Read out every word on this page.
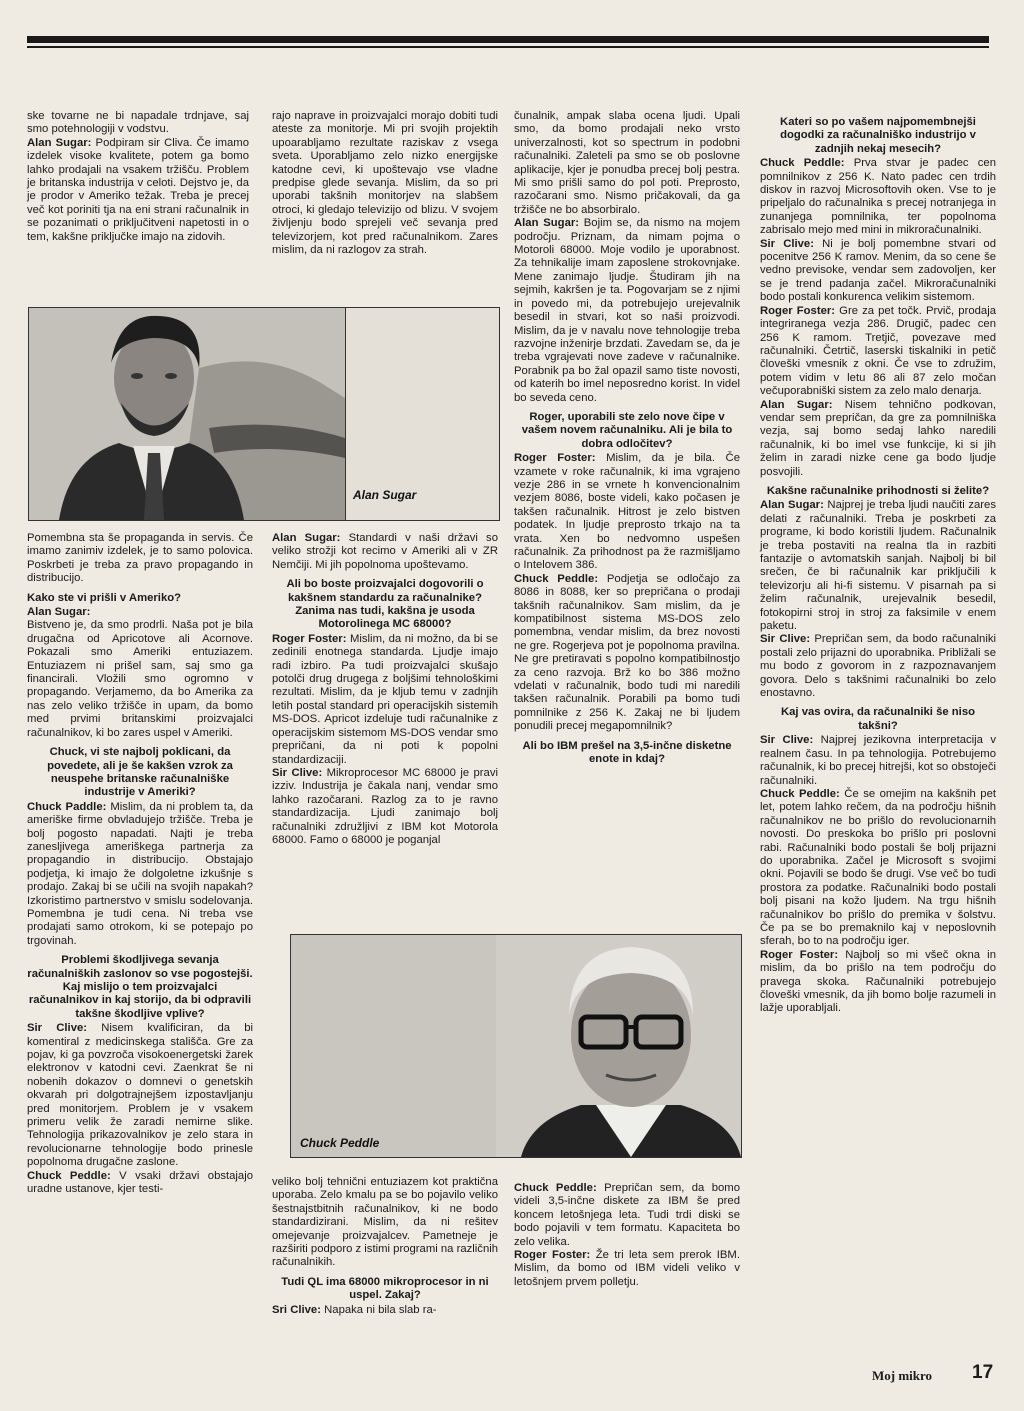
ske tovarne ne bi napadale trdnjave, saj smo potehnologiji v vodstvu.

Alan Sugar: Podpiram sir Cliva. Če imamo izdelek visoke kvalitete, potem ga bomo lahko prodajali na vsakem tržišču. Problem je britanska industrija v celoti. Dejstvo je, da je prodor v Ameriko težak. Treba je precej več kot poriniti tja na eni strani računalnik in se pozanimati o priključitveni napetosti in o tem, kakšne priključke imajo na zidovih.

Pomembna sta še propaganda in servis. Če imamo zanimiv izdelek, je to samo polovica. Poskrbeti je treba za pravo propagando in distribucijo.

Kako ste vi prišli v Ameriko?

Alan Sugar:

Bistveno je, da smo prodrli. Naša pot je bila drugačna od Apricotove ali Acornove. Pokazali smo Ameriki entuziazem. Entuziazem ni prišel sam, saj smo ga financirali. Vložili smo ogromno v propagando. Verjamemo, da bo Amerika za nas zelo veliko tržišče in upam, da bomo med prvimi britanskimi proizvajalci računalnikov, ki bo zares uspel v Ameriki.

Chuck, vi ste najbolj poklicani, da povedete, ali je še kakšen vzrok za neuspehe britanske računalniške industrije v Ameriki?

Chuck Paddle: Mislim, da ni problem ta, da ameriške firme obvladujejo tržišče. Treba je bolj pogosto napadati. Najti je treba zanesljivega ameriškega partnerja za propagandio in distribucijo. Obstajajo podjetja, ki imajo že dolgoletne izkušnje s prodajo. Zakaj bi se učili na svojih napakah? Izkoristimo partnerstvo v smislu sodelovanja. Pomembna je tudi cena. Ni treba vse prodajati samo otrokom, ki se potepajo po trgovinah.

Problemi škodljivega sevanja računalniških zaslonov so vse pogostejši. Kaj mislijo o tem proizvajalci računalnikov in kaj storijo, da bi odpravili takšne škodljive vplive?

Sir Clive: Nisem kvalificiran, da bi komentiral z medicinskega stališča. Gre za pojav, ki ga povzroča visokoenergetski žarek elektronov v katodni cevi. Zaenkrat še ni nobenih dokazov o domnevi o genetskih okvarah pri dolgotrajnejšem izpostavljanju pred monitorjem. Problem je v vsakem primeru velik že zaradi nemirne slike. Tehnologija prikazovalnikov je zelo stara in revolucionarne tehnologije bodo prinesle popolnoma drugačne zaslone.

Chuck Peddle: V vsaki državi obstajajo uradne ustanove, kjer testi-

rajo naprave in proizvajalci morajo dobiti tudi ateste za monitorje. Mi pri svojih projektih upoarabljamo rezultate raziskav z vsega sveta. Uporabljamo zelo nizko energijske katodne cevi, ki upoštevajo vse vladne predpise glede sevanja. Mislim, da so pri uporabi takšnih monitorjev na slabšem otroci, ki gledajo televizijo od blizu. V svojem življenju bodo sprejeli več sevanja pred televizorjem, kot pred računalnikom. Zares mislim, da ni razlogov za strah.

Alan Sugar: Standardi v naši državi so veliko strožji kot recimo v Ameriki ali v ZR Nemčiji. Mi jih popolnoma upoštevamo.

Ali bo boste proizvajalci dogovorili o kakšnem standardu za računalnike? Zanima nas tudi, kakšna je usoda Motorolinega MC 68000?

Roger Foster: Mislim, da ni možno, da bi se zedinili enotnega standarda. Ljudje imajo radi izbiro. Pa tudi proizvajalci skušajo potolči drug drugega z boljšimi tehnološkimi rezultati. Mislim, da je kljub temu v zadnjih letih postal standard pri operacijskih sistemih MS-DOS. Apricot izdeluje tudi računalnike z operacijskim sistemom MS-DOS vendar smo prepričani, da ni poti k popolni standardizaciji.

Sir Clive: Mikroprocesor MC 68000 je pravi izziv. Industrija je čakala nanj, vendar smo lahko razočarani. Razlog za to je ravno standardizacija. Ljudi zanimajo bolj računalniki združljivi z IBM kot Motorola 68000. Famo o 68000 je poganjal

veliko bolj tehnični entuziazem kot praktična uporaba. Zelo kmalu pa se bo pojavilo veliko šestnajstbitnih računalnikov, ki ne bodo standardizirani. Mislim, da ni rešitev omejevanje proizvajalcev. Pametneje je razširiti podporo z istimi programi na različnih računalnikih.

Tudi QL ima 68000 mikroprocesor in ni uspel. Zakaj?

Sri Clive: Napaka ni bila slab ra-

čunalnik, ampak slaba ocena ljudi. Upali smo, da bomo prodajali neko vrsto univerzalnosti, kot so spectrum in podobni računalniki. Zaleteli pa smo se ob poslovne aplikacije, kjer je ponudba precej bolj pestra. Mi smo prišli samo do pol poti. Preprosto, razočarani smo. Nismo pričakovali, da ga tržišče ne bo absorbiralo.

Alan Sugar: Bojim se, da nismo na mojem področju. Priznam, da nimam pojma o Motoroli 68000. Moje vodilo je uporabnost. Za tehnikalije imam zaposlene strokovnjake. Mene zanimajo ljudje. Študiram jih na sejmih, kakršen je ta. Pogovarjam se z njimi in povedo mi, da potrebujejo urejevalnik besedil in stvari, kot so naši proizvodi. Mislim, da je v navalu nove tehnologije treba razvojne inženirje brzdati. Zavedam se, da je treba vgrajevati nove zadeve v računalnike. Porabnik pa bo žal opazil samo tiste novosti, od katerih bo imel neposredno korist. In videl bo seveda ceno.

Roger, uporabili ste zelo nove čipe v vašem novem računalniku. Ali je bila to dobra odločitev?

Roger Foster: Mislim, da je bila. Če vzamete v roke računalnik, ki ima vgrajeno vezje 286 in se vrnete h konvencionalnim vezjem 8086, boste videli, kako počasen je takšen računalnik. Hitrost je zelo bistven podatek. In ljudje preprosto trkajo na ta vrata. Xen bo nedvomno uspešen računalnik. Za prihodnost pa že razmišljamo o Intelovem 386.

Chuck Peddle: Podjetja se odločajo za 8086 in 8088, ker so prepričana o prodaji takšnih računalnikov. Sam mislim, da je kompatibilnost sistema MS-DOS zelo pomembna, vendar mislim, da brez novosti ne gre. Rogerjeva pot je popolnoma pravilna. Ne gre pretiravati s popolno kompatibilnostjo za ceno razvoja. Brž ko bo 386 možno vdelati v računalnik, bodo tudi mi naredili takšen računalnik. Porabili pa bomo tudi pomnilnike z 256 K. Zakaj ne bi ljudem ponudili precej megapomnilnik?

Ali bo IBM prešel na 3,5-inčne disketne enote in kdaj?

Chuck Peddle: Prepričan sem, da bomo videli 3,5-inčne diskete za IBM še pred koncem letošnjega leta. Tudi trdi diski se bodo pojavili v tem formatu. Kapaciteta bo zelo velika.

Roger Foster: Že tri leta sem prerok IBM. Mislim, da bomo od IBM videli veliko v letošnjem prvem polletju.

Kateri so po vašem najpomembnejši dogodki za računalniško industrijo v zadnjih nekaj mesecih?

Chuck Peddle: Prva stvar je padec cen pomnilnikov z 256 K. Nato padec cen trdih diskov in razvoj Microsoftovih oken. Vse to je pripeljalo do računalnika s precej notranjega in zunanjega pomnilnika, ter popolnoma zabrisalo mejo med mini in mikroračunalniki.

Sir Clive: Ni je bolj pomembne stvari od pocenitve 256 K ramov. Menim, da so cene še vedno previsoke, vendar sem zadovoljen, ker se je trend padanja začel. Mikroračunalniki bodo postali konkurenca velikim sistemom.

Roger Foster: Gre za pet točk. Prvič, prodaja integriranega vezja 286. Drugič, padec cen 256 K ramom. Tretjič, povezave med računalniki. Četrtič, laserski tiskalniki in petič človeški vmesnik z okni. Če vse to združim, potem vidim v letu 86 ali 87 zelo močan večuporabniški sistem za zelo malo denarja.

Alan Sugar: Nisem tehnično podkovan, vendar sem prepričan, da gre za pomnilniška vezja, saj bomo sedaj lahko naredili računalnik, ki bo imel vse funkcije, ki si jih želim in zaradi nizke cene ga bodo ljudje posvojili.

Kakšne računalnike prihodnosti si želite?

Alan Sugar: Najprej je treba ljudi naučiti zares delati z računalniki. Treba je poskrbeti za programe, ki bodo koristili ljudem. Računalnik je treba postaviti na realna tla in razbiti fantazije o avtomatskih sanjah. Najbolj bi bil srečen, če bi računalnik kar priključili k televizorju ali hi-fi sistemu. V pisarnah pa si želim računalnik, urejevalnik besedil, fotokopirni stroj in stroj za faksimile v enem paketu.

Sir Clive: Prepričan sem, da bodo računalniki postali zelo prijazni do uporabnika. Približali se mu bodo z govorom in z razpoznavanjem govora. Delo s takšnimi računalniki bo zelo enostavno.

Kaj vas ovira, da računalniki še niso takšni?

Sir Clive: Najprej jezikovna interpretacija v realnem času. In pa tehnologija. Potrebujemo računalnik, ki bo precej hitrejši, kot so obstoječi računalniki.

Chuck Peddle: Če se omejim na kakšnih pet let, potem lahko rečem, da na področju hišnih računalnikov ne bo prišlo do revolucionarnih novosti. Do preskoka bo prišlo pri poslovni rabi. Računalniki bodo postali še bolj prijazni do uporabnika. Začel je Microsoft s svojimi okni. Pojavili se bodo še drugi. Vse več bo tudi prostora za podatke. Računalniki bodo postali bolj pisani na kožo ljudem. Na trgu hišnih računalnikov bo prišlo do premika v šolstvu. Če pa se bo premaknilo kaj v neposlovnih sferah, bo to na področju iger.

Roger Foster: Najbolj so mi všeč okna in mislim, da bo prišlo na tem področju do pravega skoka. Računalniki potrebujejo človeški vmesnik, da jih bomo bolje razumeli in lažje uporabljali.

Alan Sugar
Chuck Peddle
Moj mikro 17
